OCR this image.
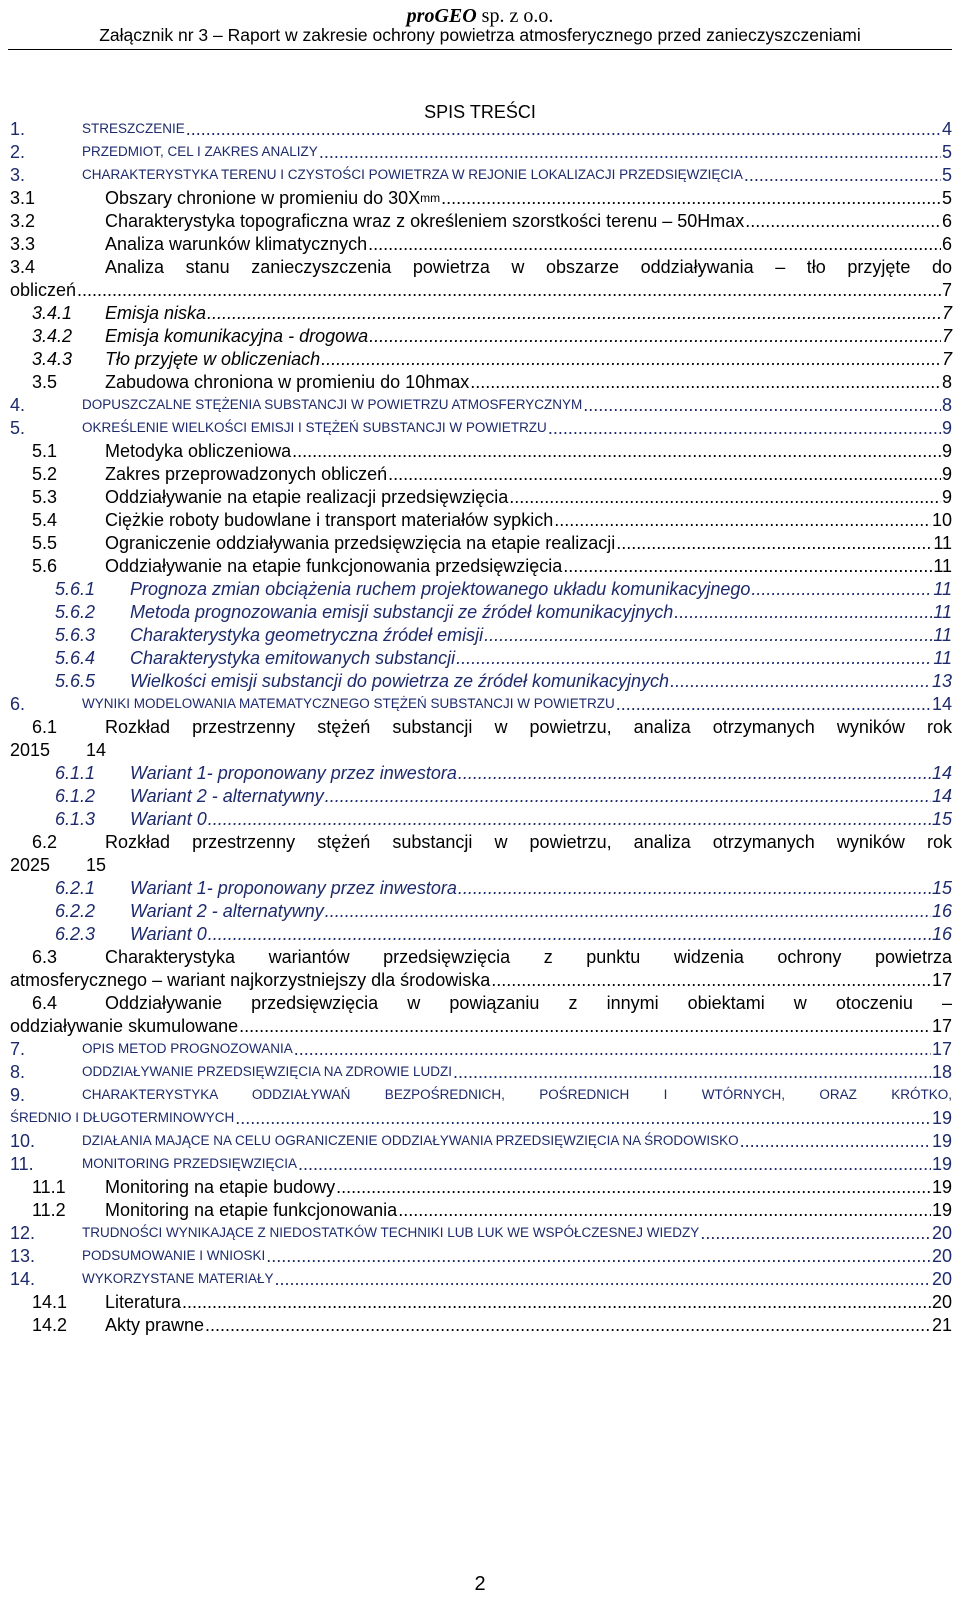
proGEO sp. z o.o.
Załącznik nr 3 – Raport w zakresie ochrony powietrza atmosferycznego przed zanieczyszczeniami
SPIS TREŚCI
1.	STRESZCZENIE .....	4
2.	PRZEDMIOT, CEL I ZAKRES ANALIZY .....	5
3.	CHARAKTERYSTYKA TERENU I CZYSTOŚCI POWIETRZA W REJONIE LOKALIZACJI PRZEDSIĘWZIĘCIA .....	5
3.1	Obszary chronione w promieniu do 30X mm .....	5
3.2	Charakterystyka topograficzna wraz z określeniem szorstkości terenu – 50Hmax .....	6
3.3	Analiza warunków klimatycznych .....	6
3.4	Analiza stanu zanieczyszczenia powietrza w obszarze oddziaływania – tło przyjęte do
obliczeń .....	7
3.4.1	Emisja niska .....	7
3.4.2	Emisja komunikacyjna - drogowa .....	7
3.4.3	Tło przyjęte w obliczeniach .....	7
3.5	Zabudowa chroniona w promieniu do 10hmax .....	8
4.	DOPUSZCZALNE STĘŻENIA SUBSTANCJI W POWIETRZU ATMOSFERYCZNYM .....	8
5.	OKREŚLENIE WIELKOŚCI EMISJI I STĘŻEŃ SUBSTANCJI W POWIETRZU .....	9
5.1	Metodyka obliczeniowa .....	9
5.2	Zakres przeprowadzonych obliczeń .....	9
5.3	Oddziaływanie na etapie realizacji przedsięwzięcia .....	9
5.4	Ciężkie roboty budowlane i transport materiałów sypkich .....	10
5.5	Ograniczenie oddziaływania przedsięwzięcia na etapie realizacji .....	11
5.6	Oddziaływanie na etapie funkcjonowania przedsięwzięcia .....	11
5.6.1	Prognoza zmian obciążenia ruchem projektowanego układu komunikacyjnego .....	11
5.6.2	Metoda prognozowania emisji substancji ze źródeł komunikacyjnych .....	11
5.6.3	Charakterystyka geometryczna źródeł emisji .....	11
5.6.4	Charakterystyka emitowanych substancji .....	11
5.6.5	Wielkości emisji substancji do powietrza ze źródeł komunikacyjnych .....	13
6.	WYNIKI MODELOWANIA MATEMATYCZNEGO STĘŻEŃ SUBSTANCJI W POWIETRZU .....	14
6.1	Rozkład przestrzenny stężeń substancji w powietrzu, analiza otrzymanych wyników rok
2015 14
6.1.1	Wariant 1- proponowany przez inwestora .....	14
6.1.2	Wariant 2 - alternatywny .....	14
6.1.3	Wariant 0 .....	15
6.2	Rozkład przestrzenny stężeń substancji w powietrzu, analiza otrzymanych wyników rok
2025 15
6.2.1	Wariant 1- proponowany przez inwestora .....	15
6.2.2	Wariant 2 - alternatywny .....	16
6.2.3	Wariant 0 .....	16
6.3	Charakterystyka wariantów przedsięwzięcia z punktu widzenia ochrony powietrza
atmosferycznego – wariant najkorzystniejszy dla środowiska .....	17
6.4	Oddziaływanie przedsięwzięcia w powiązaniu z innymi obiektami w otoczeniu –
oddziaływanie skumulowane .....	17
7.	OPIS METOD PROGNOZOWANIA .....	17
8.	ODDZIAŁYWANIE PRZEDSIĘWZIĘCIA NA ZDROWIE LUDZI .....	18
9.	CHARAKTERYSTYKA ODDZIAŁYWAŃ BEZPOŚREDNICH, POŚREDNICH I WTÓRNYCH, ORAZ KRÓTKO,
ŚREDNIO I DŁUGOTERMINOWYCH .....	19
10.	DZIAŁANIA MAJĄCE NA CELU OGRANICZENIE ODDZIAŁYWANIA PRZEDSIĘWZIĘCIA NA ŚRODOWISKO .....	19
11.	MONITORING PRZEDSIĘWZIĘCIA .....	19
11.1	Monitoring na etapie budowy .....	19
11.2	Monitoring na etapie funkcjonowania .....	19
12.	TRUDNOŚCI WYNIKAJĄCE Z NIEDOSTATKÓW TECHNIKI LUB LUK WE WSPÓŁCZESNEJ WIEDZY .....	20
13.	PODSUMOWANIE I WNIOSKI .....	20
14.	WYKORZYSTANE MATERIAŁY .....	20
14.1	Literatura .....	20
14.2	Akty prawne .....	21
2
